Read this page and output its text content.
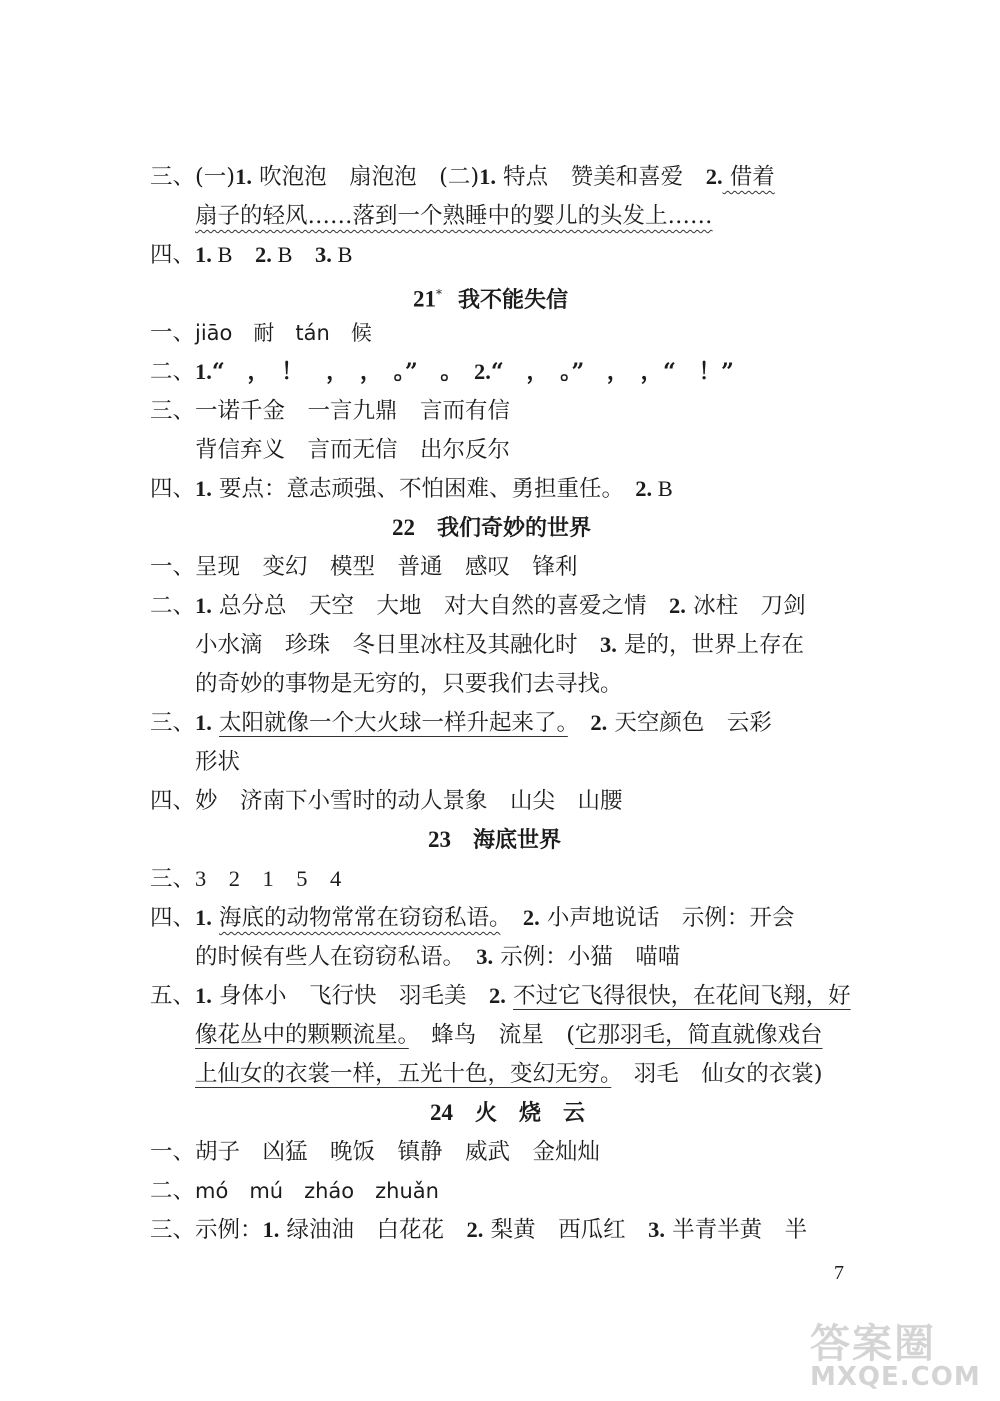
三、(一)1. 吹泡泡　扇泡泡　(二)1. 特点　赞美和喜爱　2. 借着
扇子的轻风……落到一个熟睡中的婴儿的头发上……
四、1. B　2. B　3. B
21* 我不能失信
一、jiāo　耐　tán　候
二、1.“　，　！　，　，　。”　。　2.“　，　。”　，　，“　！”
三、一诺千金　一言九鼎　言而有信
背信弃义　言而无信　出尔反尔
四、1. 要点：意志顽强、不怕困难、勇担重任。　2. B
22 我们奇妙的世界
一、呈现　变幻　模型　普通　感叹　锋利
二、1. 总分总　天空　大地　对大自然的喜爱之情　2. 冰柱　刀剑
小水滴　珍珠　冬日里冰柱及其融化时　3. 是的，世界上存在
的奇妙的事物是无穷的，只要我们去寻找。
三、1. 太阳就像一个大火球一样升起来了。　 2. 天空颜色　云彩
形状
四、妙　济南下小雪时的动人景象　山尖　山腰
23 海底世界
三、3　2　1　5　4
四、1. 海底的动物常常在窃窃私语。　 2. 小声地说话　示例：开会
的时候有些人在窃窃私语。　3. 示例：小猫　喵喵
五、1. 身体小　飞行快　羽毛美　2. 不过它飞得很快，在花间飞翔，好
像花丛中的颗颗流星。　蜂鸟　流星　(它那羽毛，简直就像戏台
上仙女的衣裳一样，五光十色，变幻无穷。　羽毛　仙女的衣裳)
24 火　烧　云
一、胡子　凶猛　晚饭　镇静　威武　金灿灿
二、mó　mú　zháo　zhuǎn
三、示例：1. 绿油油　白花花　2. 梨黄　西瓜红　3. 半青半黄　半
7
答案圈
MXQE.COM
